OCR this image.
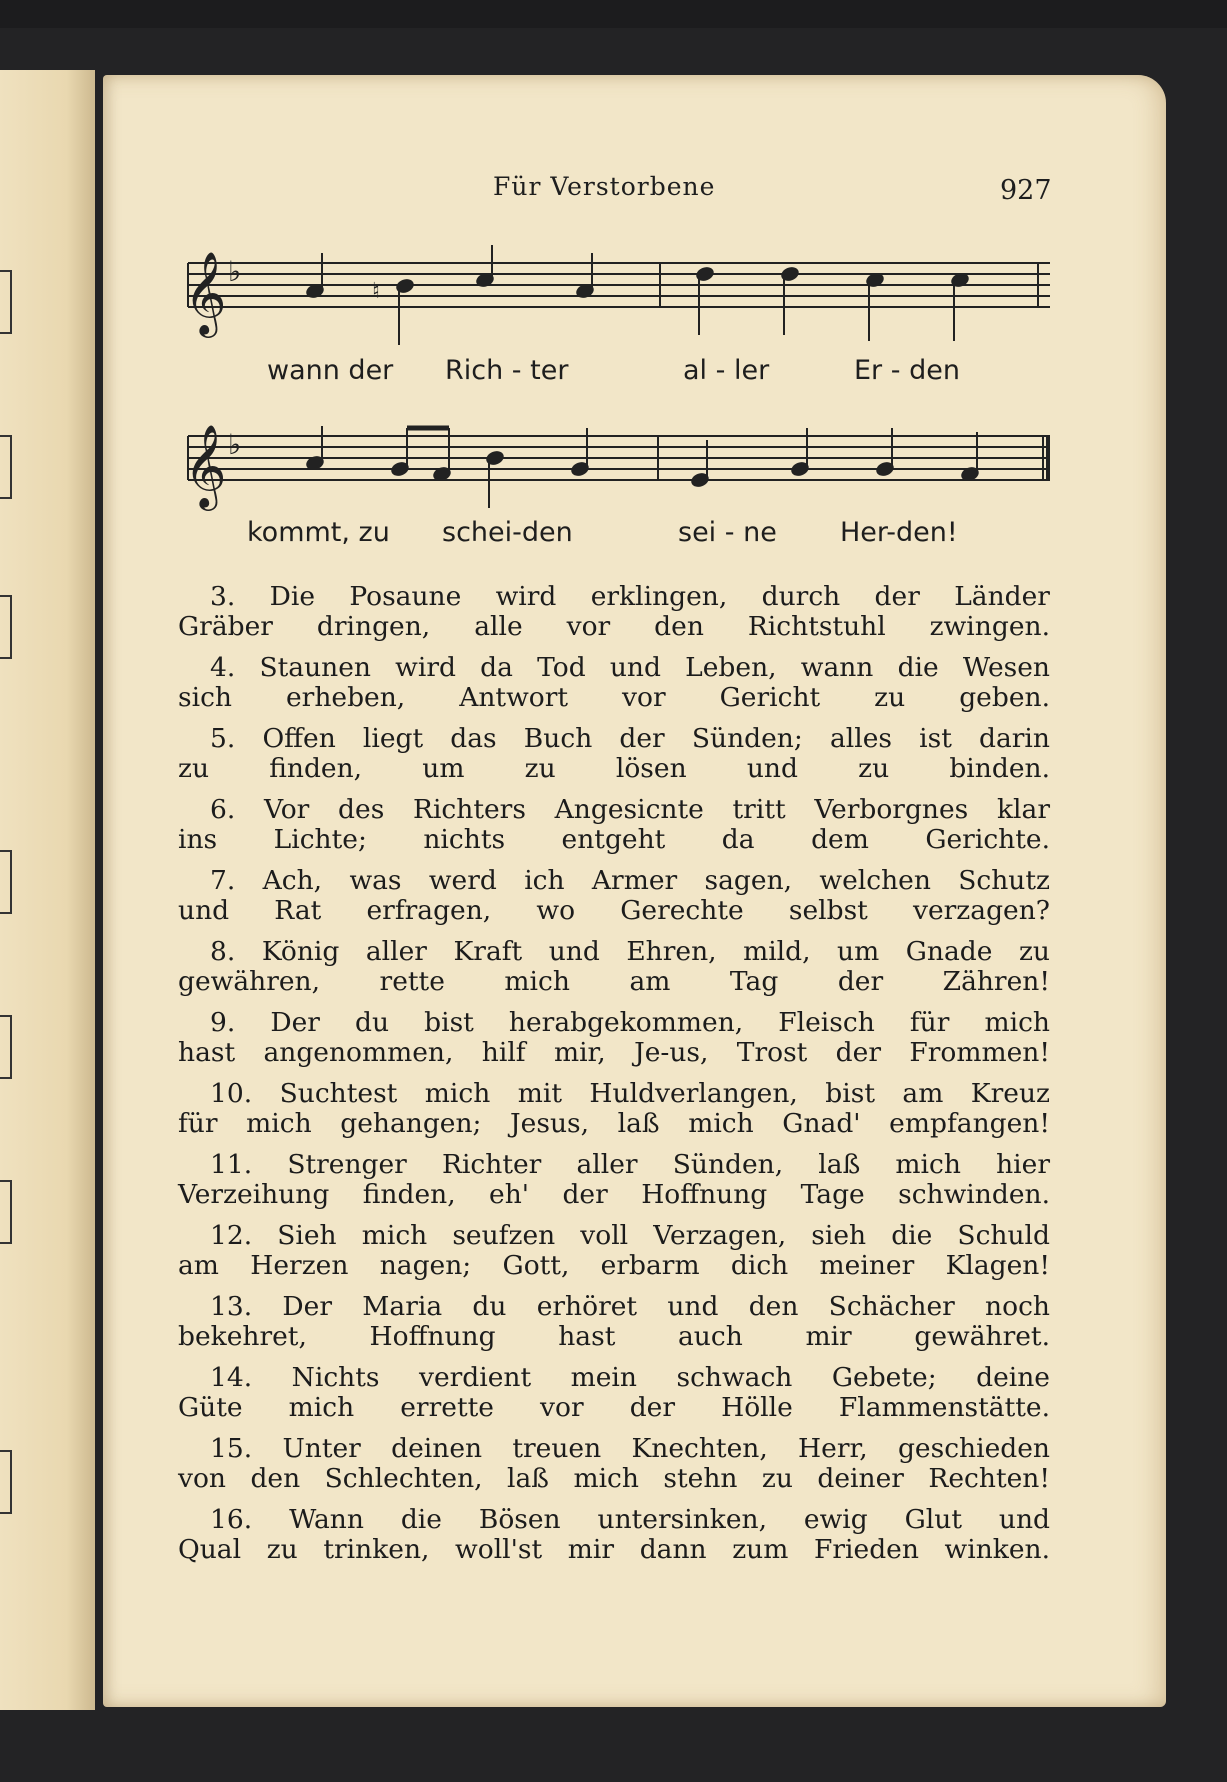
Für Verstorbene	927
𝄞 ♭
♮
wann der Rich - ter	al - ler	Er - den
𝄞 ♭
kommt, zu schei-den	sei - ne Her-den!
3. Die Posaune wird erklingen, durch der Länder
Gräber dringen, alle vor den Richtstuhl zwingen.
4. Staunen wird da Tod und Leben, wann die Wesen
sich erheben, Antwort vor Gericht zu geben.
5. Offen liegt das Buch der Sünden; alles ist darin
zu finden, um zu lösen und zu binden.
6. Vor des Richters Angesicnte tritt Verborgnes klar
ins Lichte; nichts entgeht da dem Gerichte.
7. Ach, was werd ich Armer sagen, welchen Schutz
und Rat erfragen, wo Gerechte selbst verzagen?
8. König aller Kraft und Ehren, mild, um Gnade zu
gewähren, rette mich am Tag der Zähren!
9. Der du bist herabgekommen, Fleisch für mich
hast angenommen, hilf mir, Je-us, Trost der Frommen!
10. Suchtest mich mit Huldverlangen, bist am Kreuz
für mich gehangen; Jesus, laß mich Gnad' empfangen!
11. Strenger Richter aller Sünden, laß mich hier
Verzeihung finden, eh' der Hoffnung Tage schwinden.
12. Sieh mich seufzen voll Verzagen, sieh die Schuld
am Herzen nagen; Gott, erbarm dich meiner Klagen!
13. Der Maria du erhöret und den Schächer noch
bekehret, Hoffnung hast auch mir gewähret.
14. Nichts verdient mein schwach Gebete; deine
Güte mich errette vor der Hölle Flammenstätte.
15. Unter deinen treuen Knechten, Herr, geschieden
von den Schlechten, laß mich stehn zu deiner Rechten!
16. Wann die Bösen untersinken, ewig Glut und
Qual zu trinken, woll'st mir dann zum Frieden winken.
